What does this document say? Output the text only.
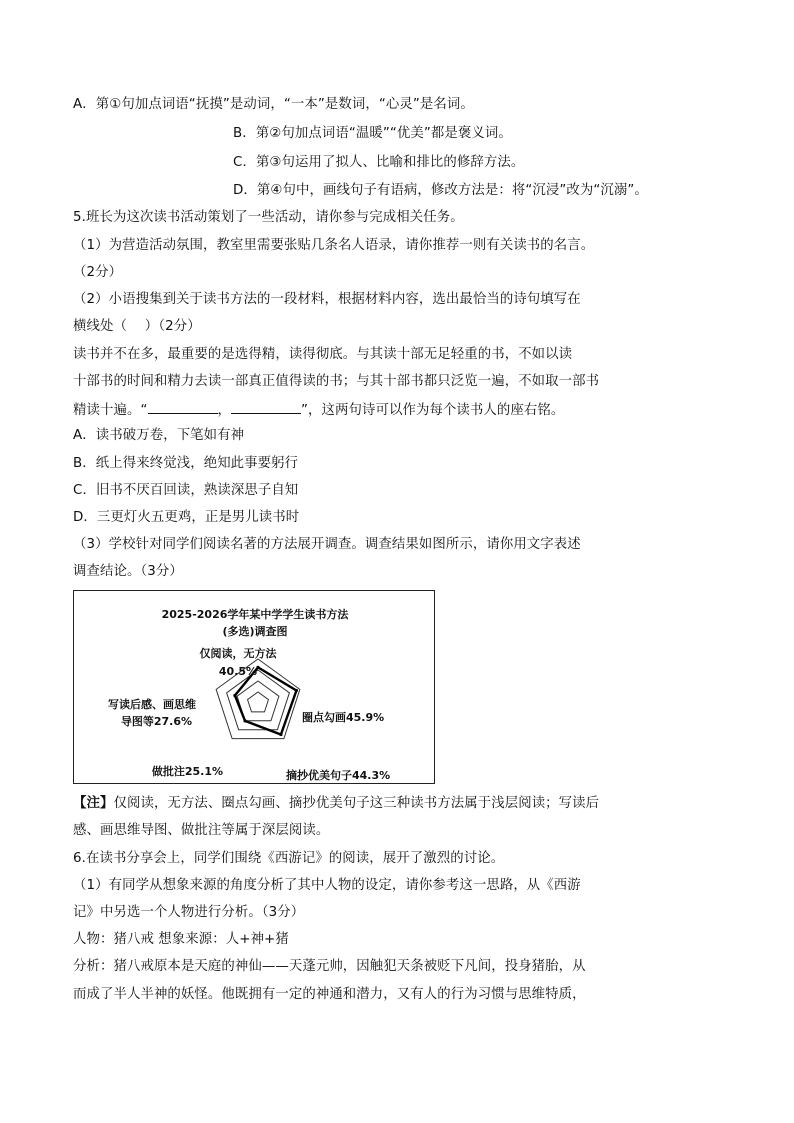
A．第①句加点词语“抚摸”是动词，“一本”是数词，“心灵”是名词。
B．第②句加点词语“温暖”“优美”都是褒义词。
C．第③句运用了拟人、比喻和排比的修辞方法。
D．第④句中，画线句子有语病，修改方法是：将“沉浸”改为“沉溺”。
5.班长为这次读书活动策划了一些活动，请你参与完成相关任务。
（1）为营造活动氛围，教室里需要张贴几条名人语录，请你推荐一则有关读书的名言。
（2分）
（2）小语搜集到关于读书方法的一段材料，根据材料内容，选出最恰当的诗句填写在
横线处（　 ）（2分）
读书并不在多，最重要的是选得精，读得彻底。与其读十部无足轻重的书，不如以读
十部书的时间和精力去读一部真正值得读的书；与其十部书都只泛览一遍，不如取一部书
精读十遍。“	，	”，这两句诗可以作为每个读书人的座右铭。
A．读书破万卷，下笔如有神
B．纸上得来终觉浅，绝知此事要躬行
C．旧书不厌百回读，熟读深思子自知
D．三更灯火五更鸡，正是男儿读书时
（3）学校针对同学们阅读名著的方法展开调查。调查结果如图所示，请你用文字表述
调查结论。（3分）
2025-2026学年某中学学生读书方法
(多选)调查图
仅阅读，无方法
40.5%
圈点勾画45.9%
摘抄优美句子44.3%
做批注25.1%
写读后感、画思维
导图等27.6%
【注】仅阅读，无方法、圈点勾画、摘抄优美句子这三种读书方法属于浅层阅读；写读后
感、画思维导图、做批注等属于深层阅读。
6.在读书分享会上，同学们围绕《西游记》的阅读，展开了激烈的讨论。
（1）有同学从想象来源的角度分析了其中人物的设定，请你参考这一思路，从《西游
记》中另选一个人物进行分析。（3分）
人物：猪八戒 想象来源：人+神+猪
分析：猪八戒原本是天庭的神仙——天蓬元帅，因触犯天条被贬下凡间，投身猪胎，从
而成了半人半神的妖怪。他既拥有一定的神通和潜力，又有人的行为习惯与思维特质，
